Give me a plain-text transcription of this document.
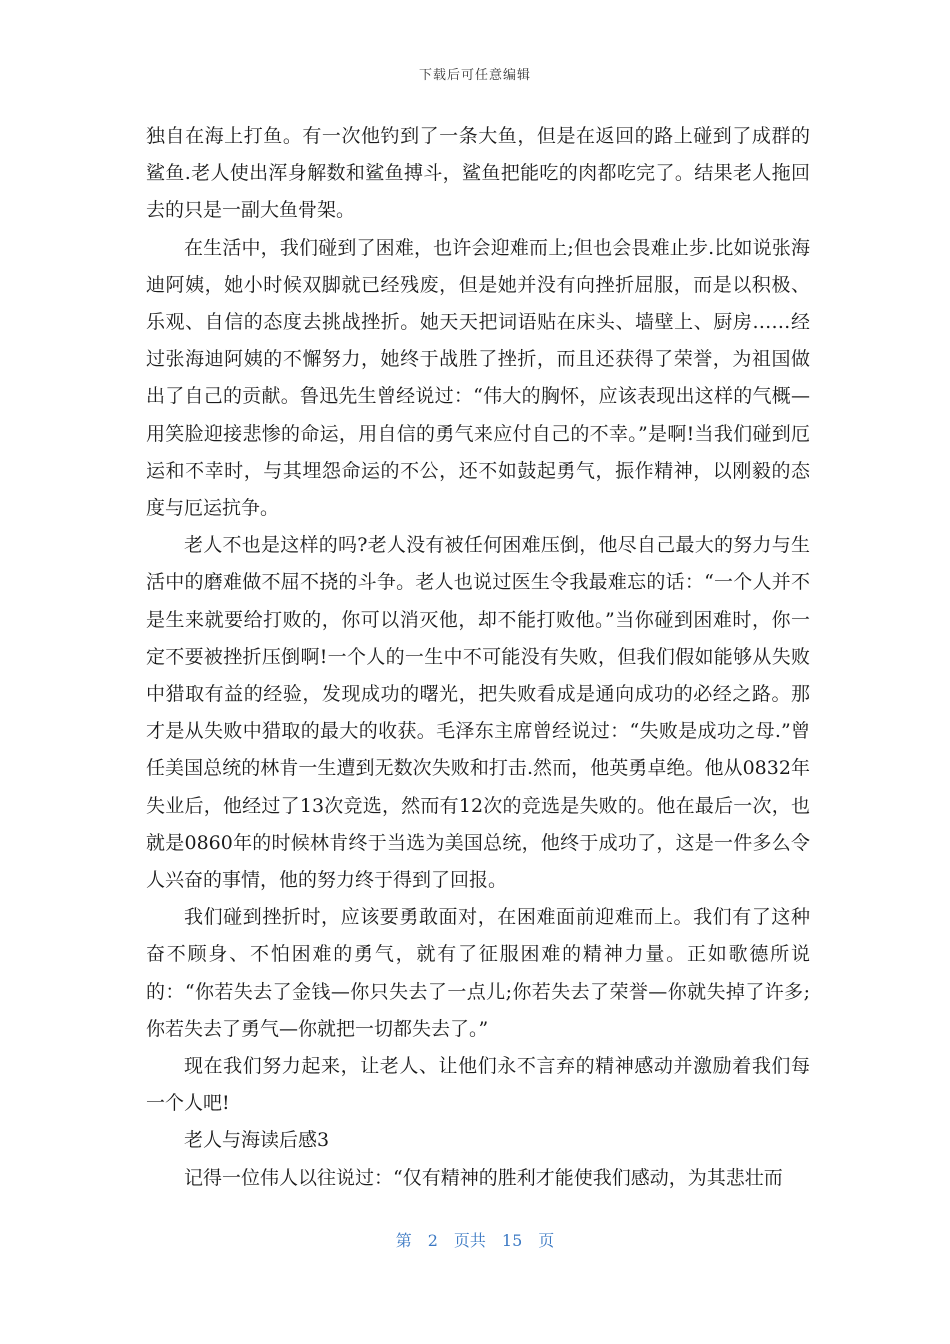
下载后可任意编辑

独自在海上打鱼。有一次他钓到了一条大鱼，但是在返回的路上碰到了成群的鲨鱼.老人使出浑身解数和鲨鱼搏斗，鲨鱼把能吃的肉都吃完了。结果老人拖回去的只是一副大鱼骨架。

在生活中，我们碰到了困难，也许会迎难而上;但也会畏难止步.比如说张海迪阿姨，她小时候双脚就已经残废，但是她并没有向挫折屈服，而是以积极、乐观、自信的态度去挑战挫折。她天天把词语贴在床头、墙壁上、厨房……经过张海迪阿姨的不懈努力，她终于战胜了挫折，而且还获得了荣誉，为祖国做出了自己的贡献。鲁迅先生曾经说过：“伟大的胸怀，应该表现出这样的气概—用笑脸迎接悲惨的命运，用自信的勇气来应付自己的不幸。”是啊!当我们碰到厄运和不幸时，与其埋怨命运的不公，还不如鼓起勇气，振作精神，以刚毅的态度与厄运抗争。

老人不也是这样的吗?老人没有被任何困难压倒，他尽自己最大的努力与生活中的磨难做不屈不挠的斗争。老人也说过医生令我最难忘的话：“一个人并不是生来就要给打败的，你可以消灭他，却不能打败他。”当你碰到困难时，你一定不要被挫折压倒啊!一个人的一生中不可能没有失败，但我们假如能够从失败中猎取有益的经验，发现成功的曙光，把失败看成是通向成功的必经之路。那才是从失败中猎取的最大的收获。毛泽东主席曾经说过：“失败是成功之母.”曾任美国总统的林肯一生遭到无数次失败和打击.然而，他英勇卓绝。他从0832年失业后，他经过了13次竞选，然而有12次的竞选是失败的。他在最后一次，也就是0860年的时候林肯终于当选为美国总统，他终于成功了，这是一件多么令人兴奋的事情，他的努力终于得到了回报。

我们碰到挫折时，应该要勇敢面对，在困难面前迎难而上。我们有了这种奋不顾身、不怕困难的勇气，就有了征服困难的精神力量。正如歌德所说的：“你若失去了金钱—你只失去了一点儿;你若失去了荣誉—你就失掉了许多;你若失去了勇气—你就把一切都失去了。”

现在我们努力起来，让老人、让他们永不言弃的精神感动并激励着我们每一个人吧!

老人与海读后感3

记得一位伟人以往说过：“仅有精神的胜利才能使我们感动，为其悲壮而

第 2 页共 15 页
